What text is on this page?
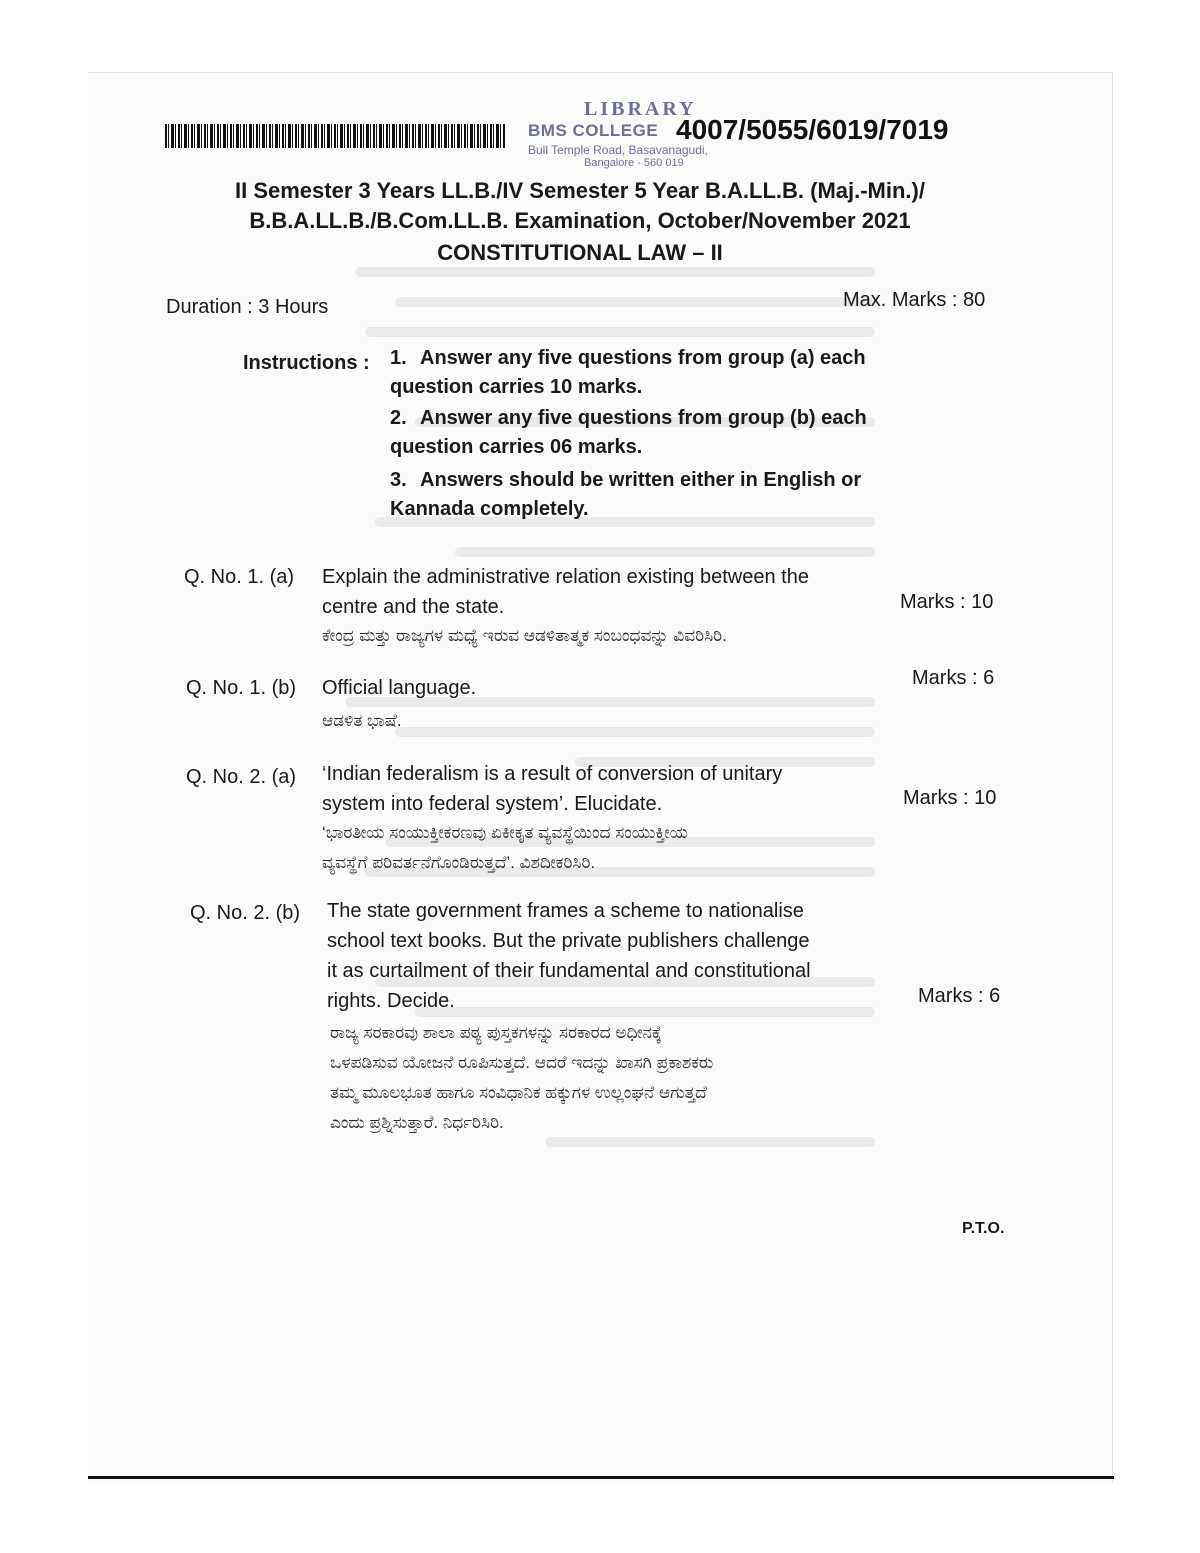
LIBRARY
BMS COLLEGE
Bull Temple Road, Basavanagudi,
Bangalore - 560 019
4007/5055/6019/7019
II Semester 3 Years LL.B./IV Semester 5 Year B.A.LL.B. (Maj.-Min.)/
B.B.A.LL.B./B.Com.LL.B. Examination, October/November 2021
CONSTITUTIONAL LAW – II
Duration : 3 Hours	Max. Marks : 80
Instructions : 1. Answer any five questions from group (a) each question carries 10 marks.
2. Answer any five questions from group (b) each question carries 06 marks.
3. Answers should be written either in English or Kannada completely.
Q. No. 1. (a) Explain the administrative relation existing between the
centre and the state.	Marks : 10
ಕೇಂದ್ರ ಮತ್ತು ರಾಜ್ಯಗಳ ಮಧ್ಯೆ ಇರುವ ಆಡಳಿತಾತ್ಮಕ ಸಂಬಂಧವನ್ನು ವಿವರಿಸಿರಿ.
Q. No. 1. (b) Official language.	Marks : 6
ಆಡಳಿತ ಭಾಷೆ.
Q. No. 2. (a) ‘Indian federalism is a result of conversion of unitary
system into federal system’. Elucidate.	Marks : 10
‘ಭಾರತೀಯ ಸಂಯುಕ್ತೀಕರಣವು ಏಕೀಕೃತ ವ್ಯವಸ್ಥೆಯಿಂದ ಸಂಯುಕ್ತೀಯ
ವ್ಯವಸ್ಥೆಗೆ ಪರಿವರ್ತನೆಗೊಂಡಿರುತ್ತದೆ’. ವಿಶದೀಕರಿಸಿರಿ.
Q. No. 2. (b) The state government frames a scheme to nationalise
school text books. But the private publishers challenge
it as curtailment of their fundamental and constitutional
rights. Decide.	Marks : 6
ರಾಜ್ಯ ಸರಕಾರವು ಶಾಲಾ ಪಠ್ಯ ಪುಸ್ತಕಗಳನ್ನು ಸರಕಾರದ ಅಧೀನಕ್ಕೆ
ಒಳಪಡಿಸುವ ಯೋಜನೆ ರೂಪಿಸುತ್ತದೆ. ಆದರೆ ಇದನ್ನು ಖಾಸಗಿ ಪ್ರಕಾಶಕರು
ತಮ್ಮ ಮೂಲಭೂತ ಹಾಗೂ ಸಂವಿಧಾನಿಕ ಹಕ್ಕುಗಳ ಉಲ್ಲಂಘನೆ ಆಗುತ್ತದೆ
ಎಂದು ಪ್ರಶ್ನಿಸುತ್ತಾರೆ. ನಿರ್ಧರಿಸಿರಿ.
P.T.O.
